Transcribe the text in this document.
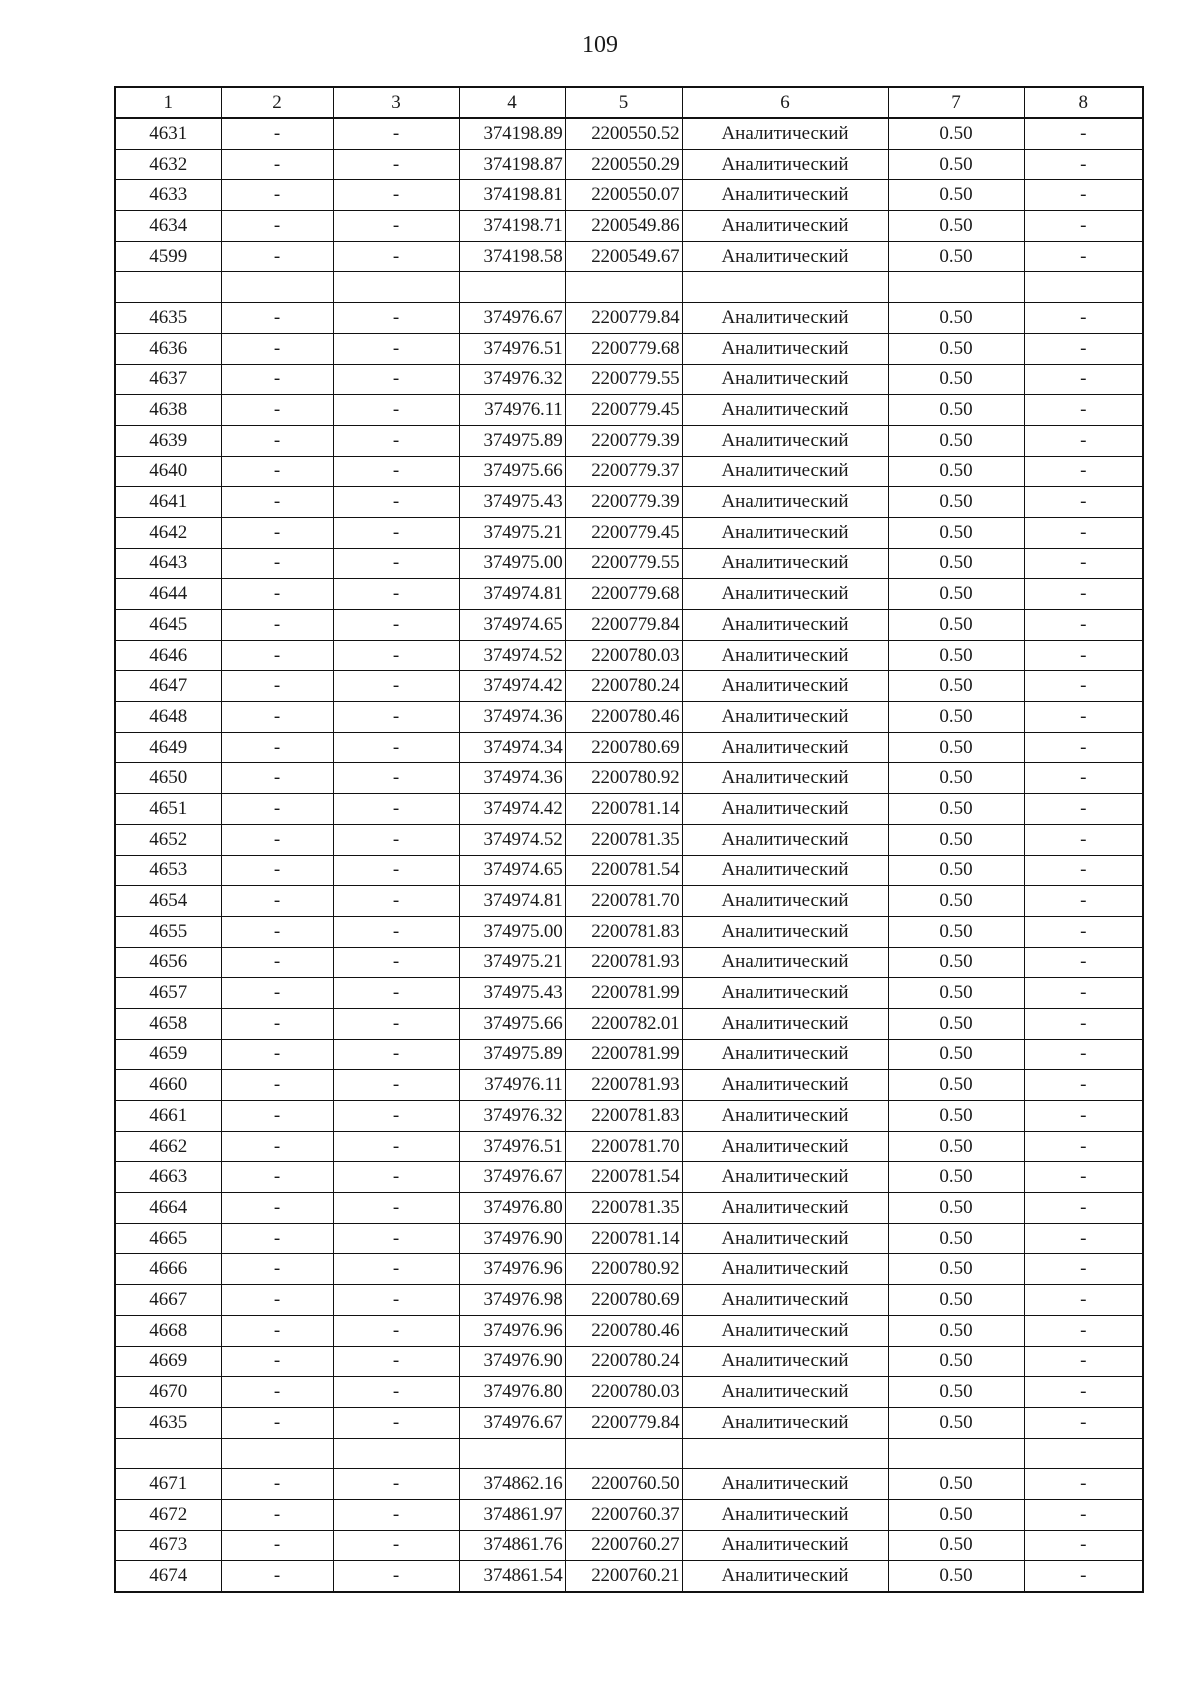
109
1	2	3	4	5	6	7	8
4631	-	-	374198.89	2200550.52	Аналитический	0.50	-
4632	-	-	374198.87	2200550.29	Аналитический	0.50	-
4633	-	-	374198.81	2200550.07	Аналитический	0.50	-
4634	-	-	374198.71	2200549.86	Аналитический	0.50	-
4599	-	-	374198.58	2200549.67	Аналитический	0.50	-

4635	-	-	374976.67	2200779.84	Аналитический	0.50	-
4636	-	-	374976.51	2200779.68	Аналитический	0.50	-
4637	-	-	374976.32	2200779.55	Аналитический	0.50	-
4638	-	-	374976.11	2200779.45	Аналитический	0.50	-
4639	-	-	374975.89	2200779.39	Аналитический	0.50	-
4640	-	-	374975.66	2200779.37	Аналитический	0.50	-
4641	-	-	374975.43	2200779.39	Аналитический	0.50	-
4642	-	-	374975.21	2200779.45	Аналитический	0.50	-
4643	-	-	374975.00	2200779.55	Аналитический	0.50	-
4644	-	-	374974.81	2200779.68	Аналитический	0.50	-
4645	-	-	374974.65	2200779.84	Аналитический	0.50	-
4646	-	-	374974.52	2200780.03	Аналитический	0.50	-
4647	-	-	374974.42	2200780.24	Аналитический	0.50	-
4648	-	-	374974.36	2200780.46	Аналитический	0.50	-
4649	-	-	374974.34	2200780.69	Аналитический	0.50	-
4650	-	-	374974.36	2200780.92	Аналитический	0.50	-
4651	-	-	374974.42	2200781.14	Аналитический	0.50	-
4652	-	-	374974.52	2200781.35	Аналитический	0.50	-
4653	-	-	374974.65	2200781.54	Аналитический	0.50	-
4654	-	-	374974.81	2200781.70	Аналитический	0.50	-
4655	-	-	374975.00	2200781.83	Аналитический	0.50	-
4656	-	-	374975.21	2200781.93	Аналитический	0.50	-
4657	-	-	374975.43	2200781.99	Аналитический	0.50	-
4658	-	-	374975.66	2200782.01	Аналитический	0.50	-
4659	-	-	374975.89	2200781.99	Аналитический	0.50	-
4660	-	-	374976.11	2200781.93	Аналитический	0.50	-
4661	-	-	374976.32	2200781.83	Аналитический	0.50	-
4662	-	-	374976.51	2200781.70	Аналитический	0.50	-
4663	-	-	374976.67	2200781.54	Аналитический	0.50	-
4664	-	-	374976.80	2200781.35	Аналитический	0.50	-
4665	-	-	374976.90	2200781.14	Аналитический	0.50	-
4666	-	-	374976.96	2200780.92	Аналитический	0.50	-
4667	-	-	374976.98	2200780.69	Аналитический	0.50	-
4668	-	-	374976.96	2200780.46	Аналитический	0.50	-
4669	-	-	374976.90	2200780.24	Аналитический	0.50	-
4670	-	-	374976.80	2200780.03	Аналитический	0.50	-
4635	-	-	374976.67	2200779.84	Аналитический	0.50	-

4671	-	-	374862.16	2200760.50	Аналитический	0.50	-
4672	-	-	374861.97	2200760.37	Аналитический	0.50	-
4673	-	-	374861.76	2200760.27	Аналитический	0.50	-
4674	-	-	374861.54	2200760.21	Аналитический	0.50	-
